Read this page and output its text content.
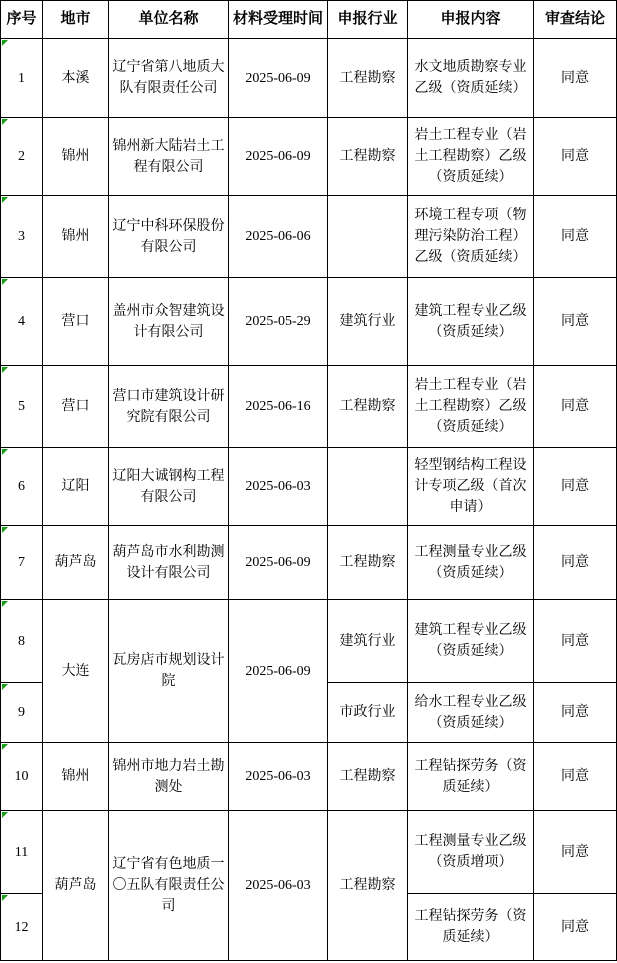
序号	地市	单位名称	材料受理时间	申报行业	申报内容	审查结论
1	本溪	辽宁省第八地质大队有限责任公司	2025-06-09	工程勘察	水文地质勘察专业乙级（资质延续）	同意
2	锦州	锦州新大陆岩土工程有限公司	2025-06-09	工程勘察	岩土工程专业（岩土工程勘察）乙级（资质延续）	同意
3	锦州	辽宁中科环保股份有限公司	2025-06-06		环境工程专项（物理污染防治工程）乙级（资质延续）	同意
4	营口	盖州市众智建筑设计有限公司	2025-05-29	建筑行业	建筑工程专业乙级（资质延续）	同意
5	营口	营口市建筑设计研究院有限公司	2025-06-16	工程勘察	岩土工程专业（岩土工程勘察）乙级（资质延续）	同意
6	辽阳	辽阳大诚钢构工程有限公司	2025-06-03		轻型钢结构工程设计专项乙级（首次申请）	同意
7	葫芦岛	葫芦岛市水利勘测设计有限公司	2025-06-09	工程勘察	工程测量专业乙级（资质延续）	同意
8	大连	瓦房店市规划设计院	2025-06-09	建筑行业	建筑工程专业乙级（资质延续）	同意
9				市政行业	给水工程专业乙级（资质延续）	同意
10	锦州	锦州市地力岩土勘测处	2025-06-03	工程勘察	工程钻探劳务（资质延续）	同意
11	葫芦岛	辽宁省有色地质一〇五队有限责任公司	2025-06-03	工程勘察	工程测量专业乙级（资质增项）	同意
12					工程钻探劳务（资质延续）	同意
